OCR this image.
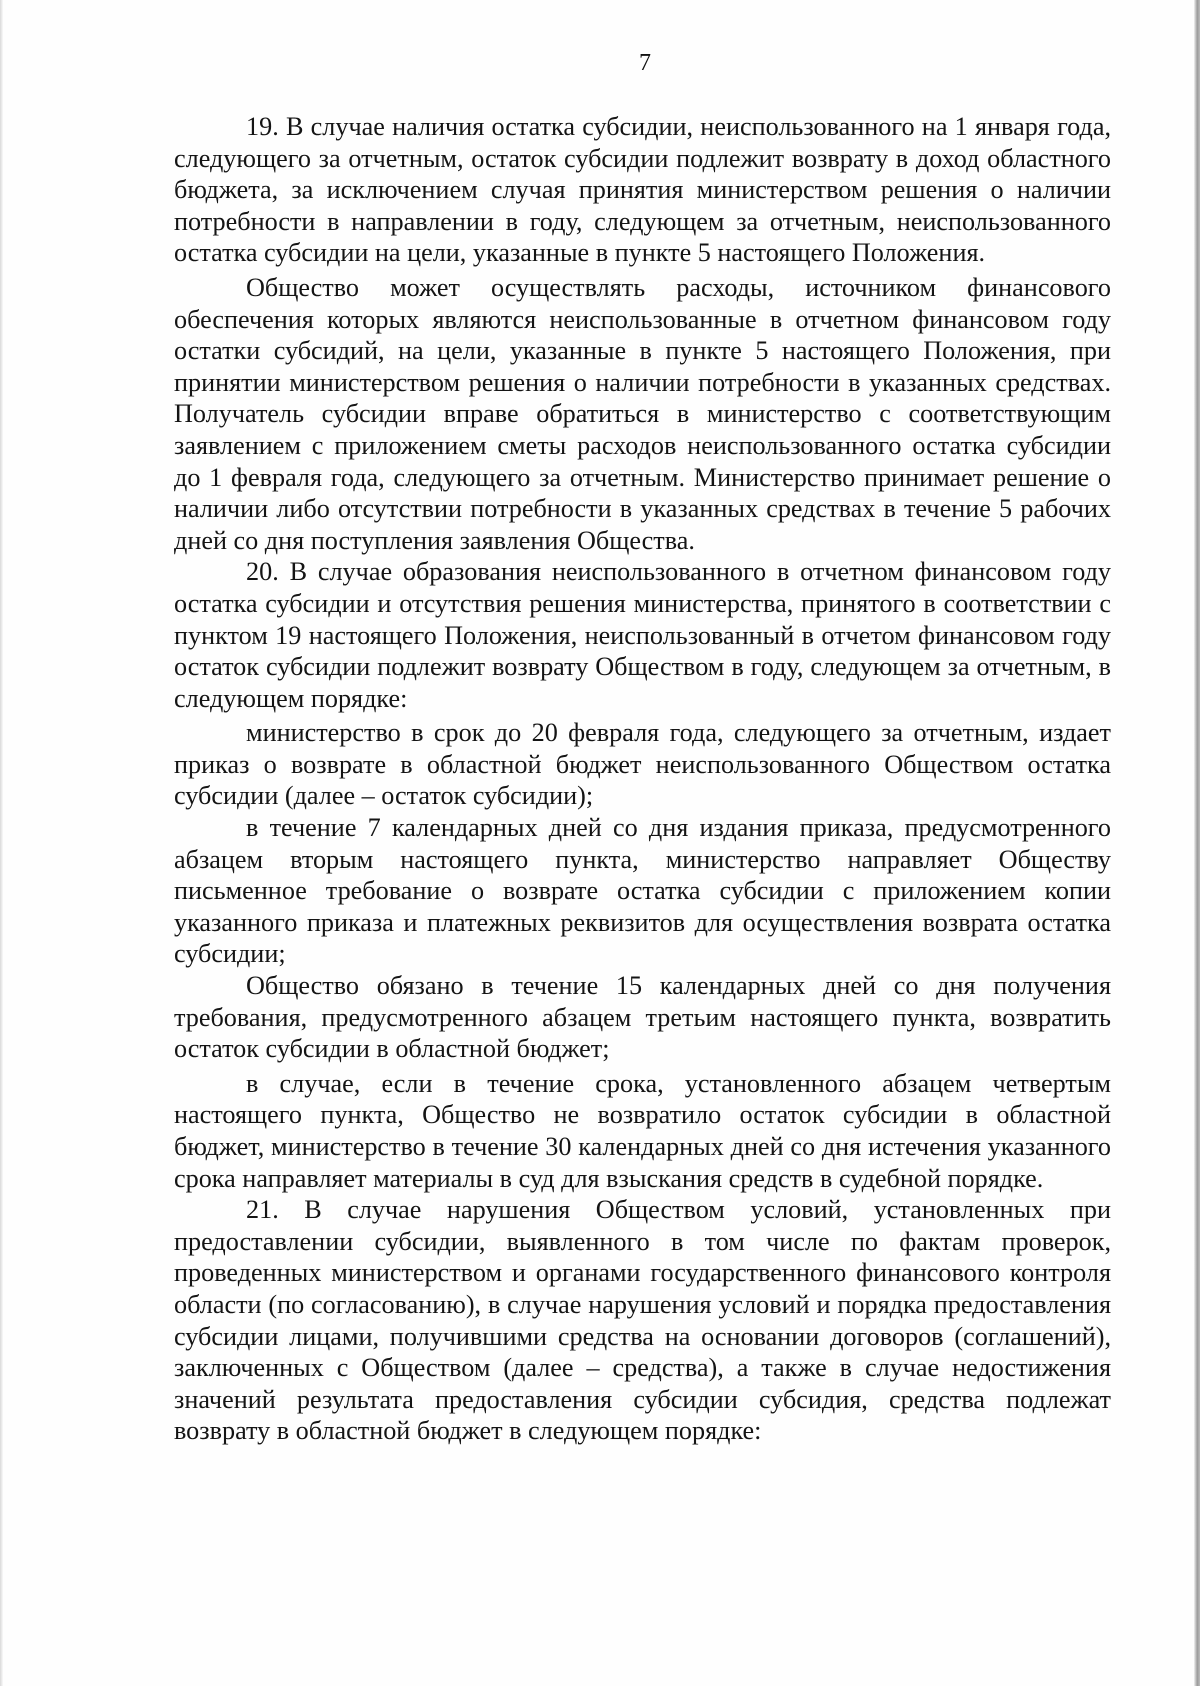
7

19. В случае наличия остатка субсидии, неиспользованного на 1 января года, следующего за отчетным, остаток субсидии подлежит возврату в доход областного бюджета, за исключением случая принятия министерством решения о наличии потребности в направлении в году, следующем за отчетным, неиспользованного остатка субсидии на цели, указанные в пункте 5 настоящего Положения.

Общество может осуществлять расходы, источником финансового обеспечения которых являются неиспользованные в отчетном финансовом году остатки субсидий, на цели, указанные в пункте 5 настоящего Положения, при принятии министерством решения о наличии потребности в указанных средствах. Получатель субсидии вправе обратиться в министерство с соответствующим заявлением с приложением сметы расходов неиспользованного остатка субсидии до 1 февраля года, следующего за отчетным. Министерство принимает решение о наличии либо отсутствии потребности в указанных средствах в течение 5 рабочих дней со дня поступления заявления Общества.

20. В случае образования неиспользованного в отчетном финансовом году остатка субсидии и отсутствия решения министерства, принятого в соответствии с пунктом 19 настоящего Положения, неиспользованный в отчетом финансовом году остаток субсидии подлежит возврату Обществом в году, следующем за отчетным, в следующем порядке:

министерство в срок до 20 февраля года, следующего за отчетным, издает приказ о возврате в областной бюджет неиспользованного Обществом остатка субсидии (далее – остаток субсидии);

в течение 7 календарных дней со дня издания приказа, предусмотренного абзацем вторым настоящего пункта, министерство направляет Обществу письменное требование о возврате остатка субсидии с приложением копии указанного приказа и платежных реквизитов для осуществления возврата остатка субсидии;

Общество обязано в течение 15 календарных дней со дня получения требования, предусмотренного абзацем третьим настоящего пункта, возвратить остаток субсидии в областной бюджет;

в случае, если в течение срока, установленного абзацем четвертым настоящего пункта, Общество не возвратило остаток субсидии в областной бюджет, министерство в течение 30 календарных дней со дня истечения указанного срока направляет материалы в суд для взыскания средств в судебной порядке.

21. В случае нарушения Обществом условий, установленных при предоставлении субсидии, выявленного в том числе по фактам проверок, проведенных министерством и органами государственного финансового контроля области (по согласованию), в случае нарушения условий и порядка предоставления субсидии лицами, получившими средства на основании договоров (соглашений), заключенных с Обществом (далее – средства), а также в случае недостижения значений результата предоставления субсидии субсидия, средства подлежат возврату в областной бюджет в следующем порядке:
